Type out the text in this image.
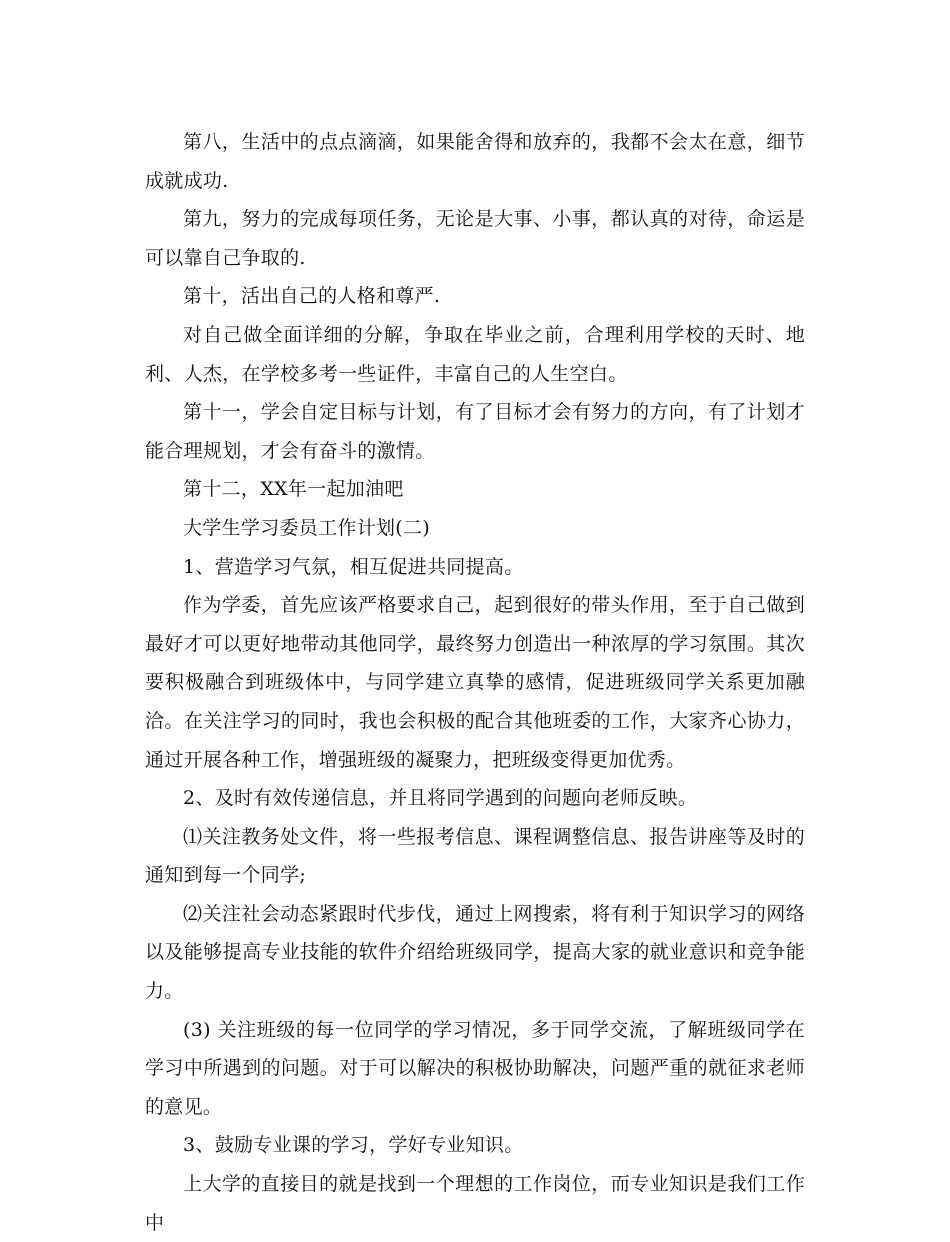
第八，生活中的点点滴滴，如果能舍得和放弃的，我都不会太在意，细节成就成功.

第九，努力的完成每项任务，无论是大事、小事，都认真的对待，命运是可以靠自己争取的.

第十，活出自己的人格和尊严.

对自己做全面详细的分解，争取在毕业之前，合理利用学校的天时、地利、人杰，在学校多考一些证件，丰富自己的人生空白。

第十一，学会自定目标与计划，有了目标才会有努力的方向，有了计划才能合理规划，才会有奋斗的激情。

第十二，XX年一起加油吧

大学生学习委员工作计划(二)

1、营造学习气氛，相互促进共同提高。

作为学委，首先应该严格要求自己，起到很好的带头作用，至于自己做到最好才可以更好地带动其他同学，最终努力创造出一种浓厚的学习氛围。其次要积极融合到班级体中，与同学建立真挚的感情，促进班级同学关系更加融洽。在关注学习的同时，我也会积极的配合其他班委的工作，大家齐心协力，通过开展各种工作，增强班级的凝聚力，把班级变得更加优秀。

2、及时有效传递信息，并且将同学遇到的问题向老师反映。

⑴关注教务处文件，将一些报考信息、课程调整信息、报告讲座等及时的通知到每一个同学;

⑵关注社会动态紧跟时代步伐，通过上网搜索，将有利于知识学习的网络以及能够提高专业技能的软件介绍给班级同学，提高大家的就业意识和竞争能力。

(3) 关注班级的每一位同学的学习情况，多于同学交流，了解班级同学在学习中所遇到的问题。对于可以解决的积极协助解决，问题严重的就征求老师的意见。

3、鼓励专业课的学习，学好专业知识。

上大学的直接目的就是找到一个理想的工作岗位，而专业知识是我们工作中
